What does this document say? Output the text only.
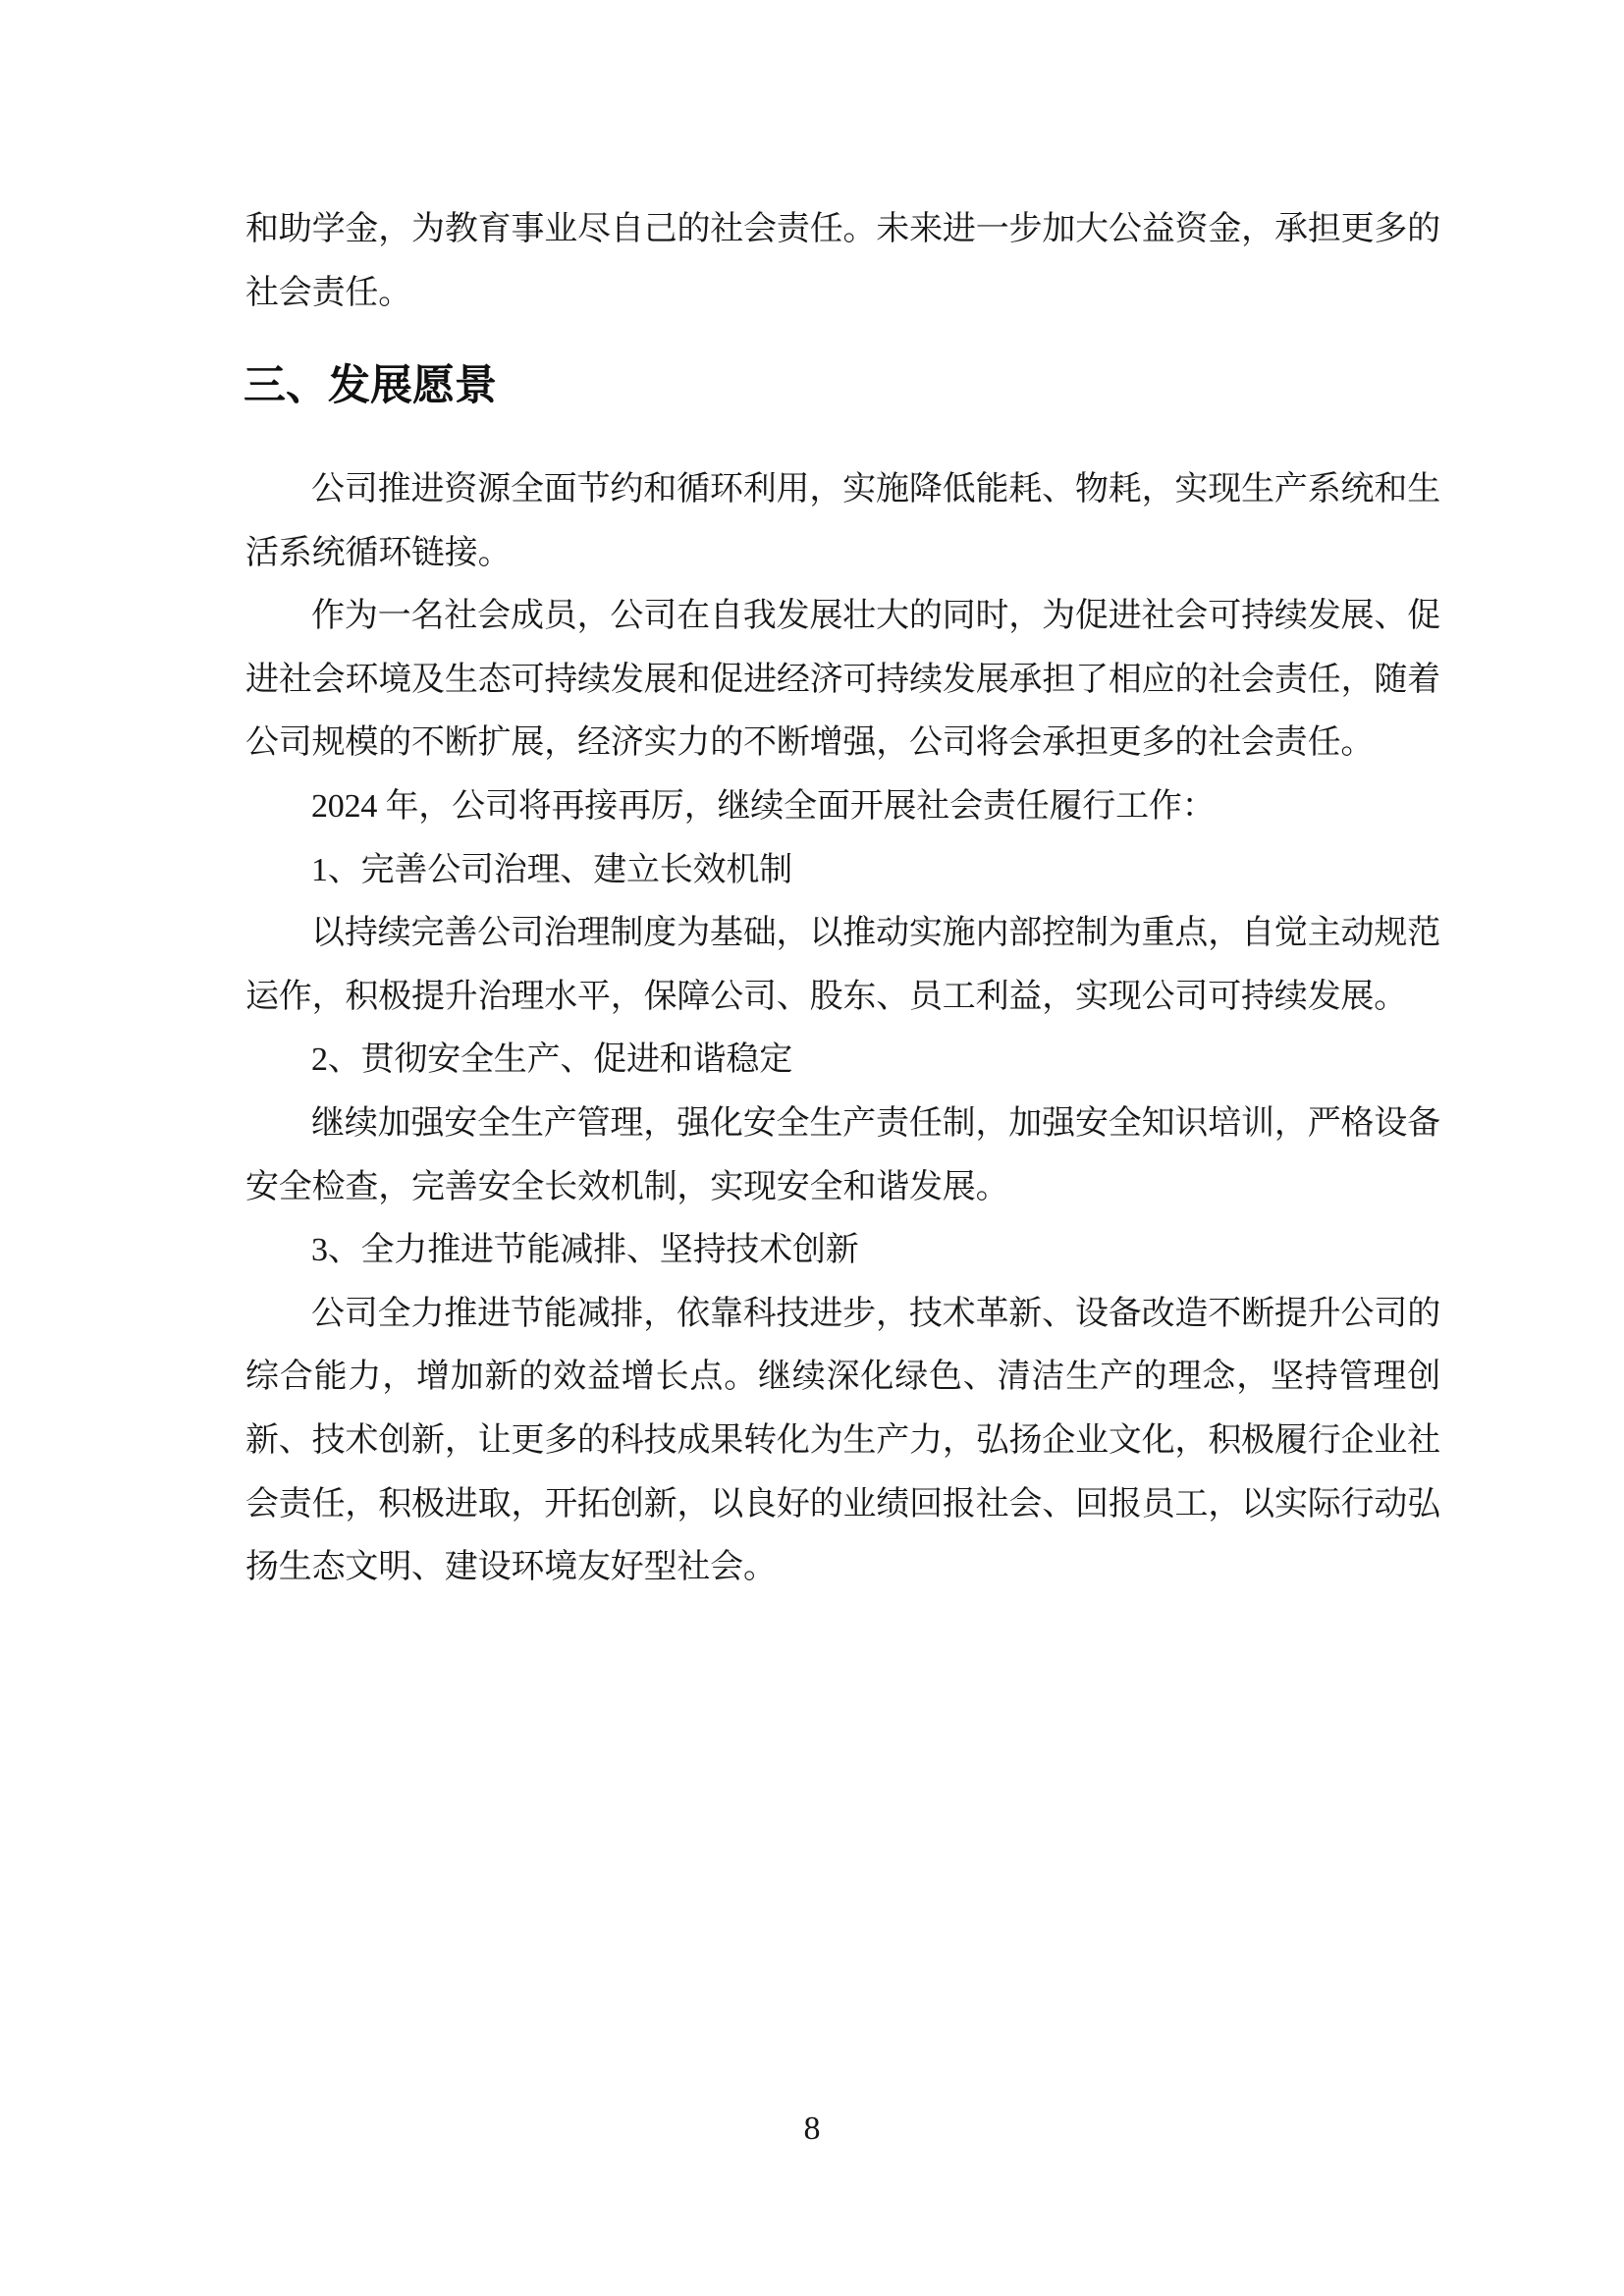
和助学金，为教育事业尽自己的社会责任。未来进一步加大公益资金，承担更多的社会责任。

三、发展愿景

公司推进资源全面节约和循环利用，实施降低能耗、物耗，实现生产系统和生活系统循环链接。

作为一名社会成员，公司在自我发展壮大的同时，为促进社会可持续发展、促进社会环境及生态可持续发展和促进经济可持续发展承担了相应的社会责任，随着公司规模的不断扩展，经济实力的不断增强，公司将会承担更多的社会责任。

2024 年，公司将再接再厉，继续全面开展社会责任履行工作：

1、完善公司治理、建立长效机制

以持续完善公司治理制度为基础，以推动实施内部控制为重点，自觉主动规范运作，积极提升治理水平，保障公司、股东、员工利益，实现公司可持续发展。

2、贯彻安全生产、促进和谐稳定

继续加强安全生产管理，强化安全生产责任制，加强安全知识培训，严格设备安全检查，完善安全长效机制，实现安全和谐发展。

3、全力推进节能减排、坚持技术创新

公司全力推进节能减排，依靠科技进步，技术革新、设备改造不断提升公司的综合能力，增加新的效益增长点。继续深化绿色、清洁生产的理念，坚持管理创新、技术创新，让更多的科技成果转化为生产力，弘扬企业文化，积极履行企业社会责任，积极进取，开拓创新，以良好的业绩回报社会、回报员工，以实际行动弘扬生态文明、建设环境友好型社会。

8
